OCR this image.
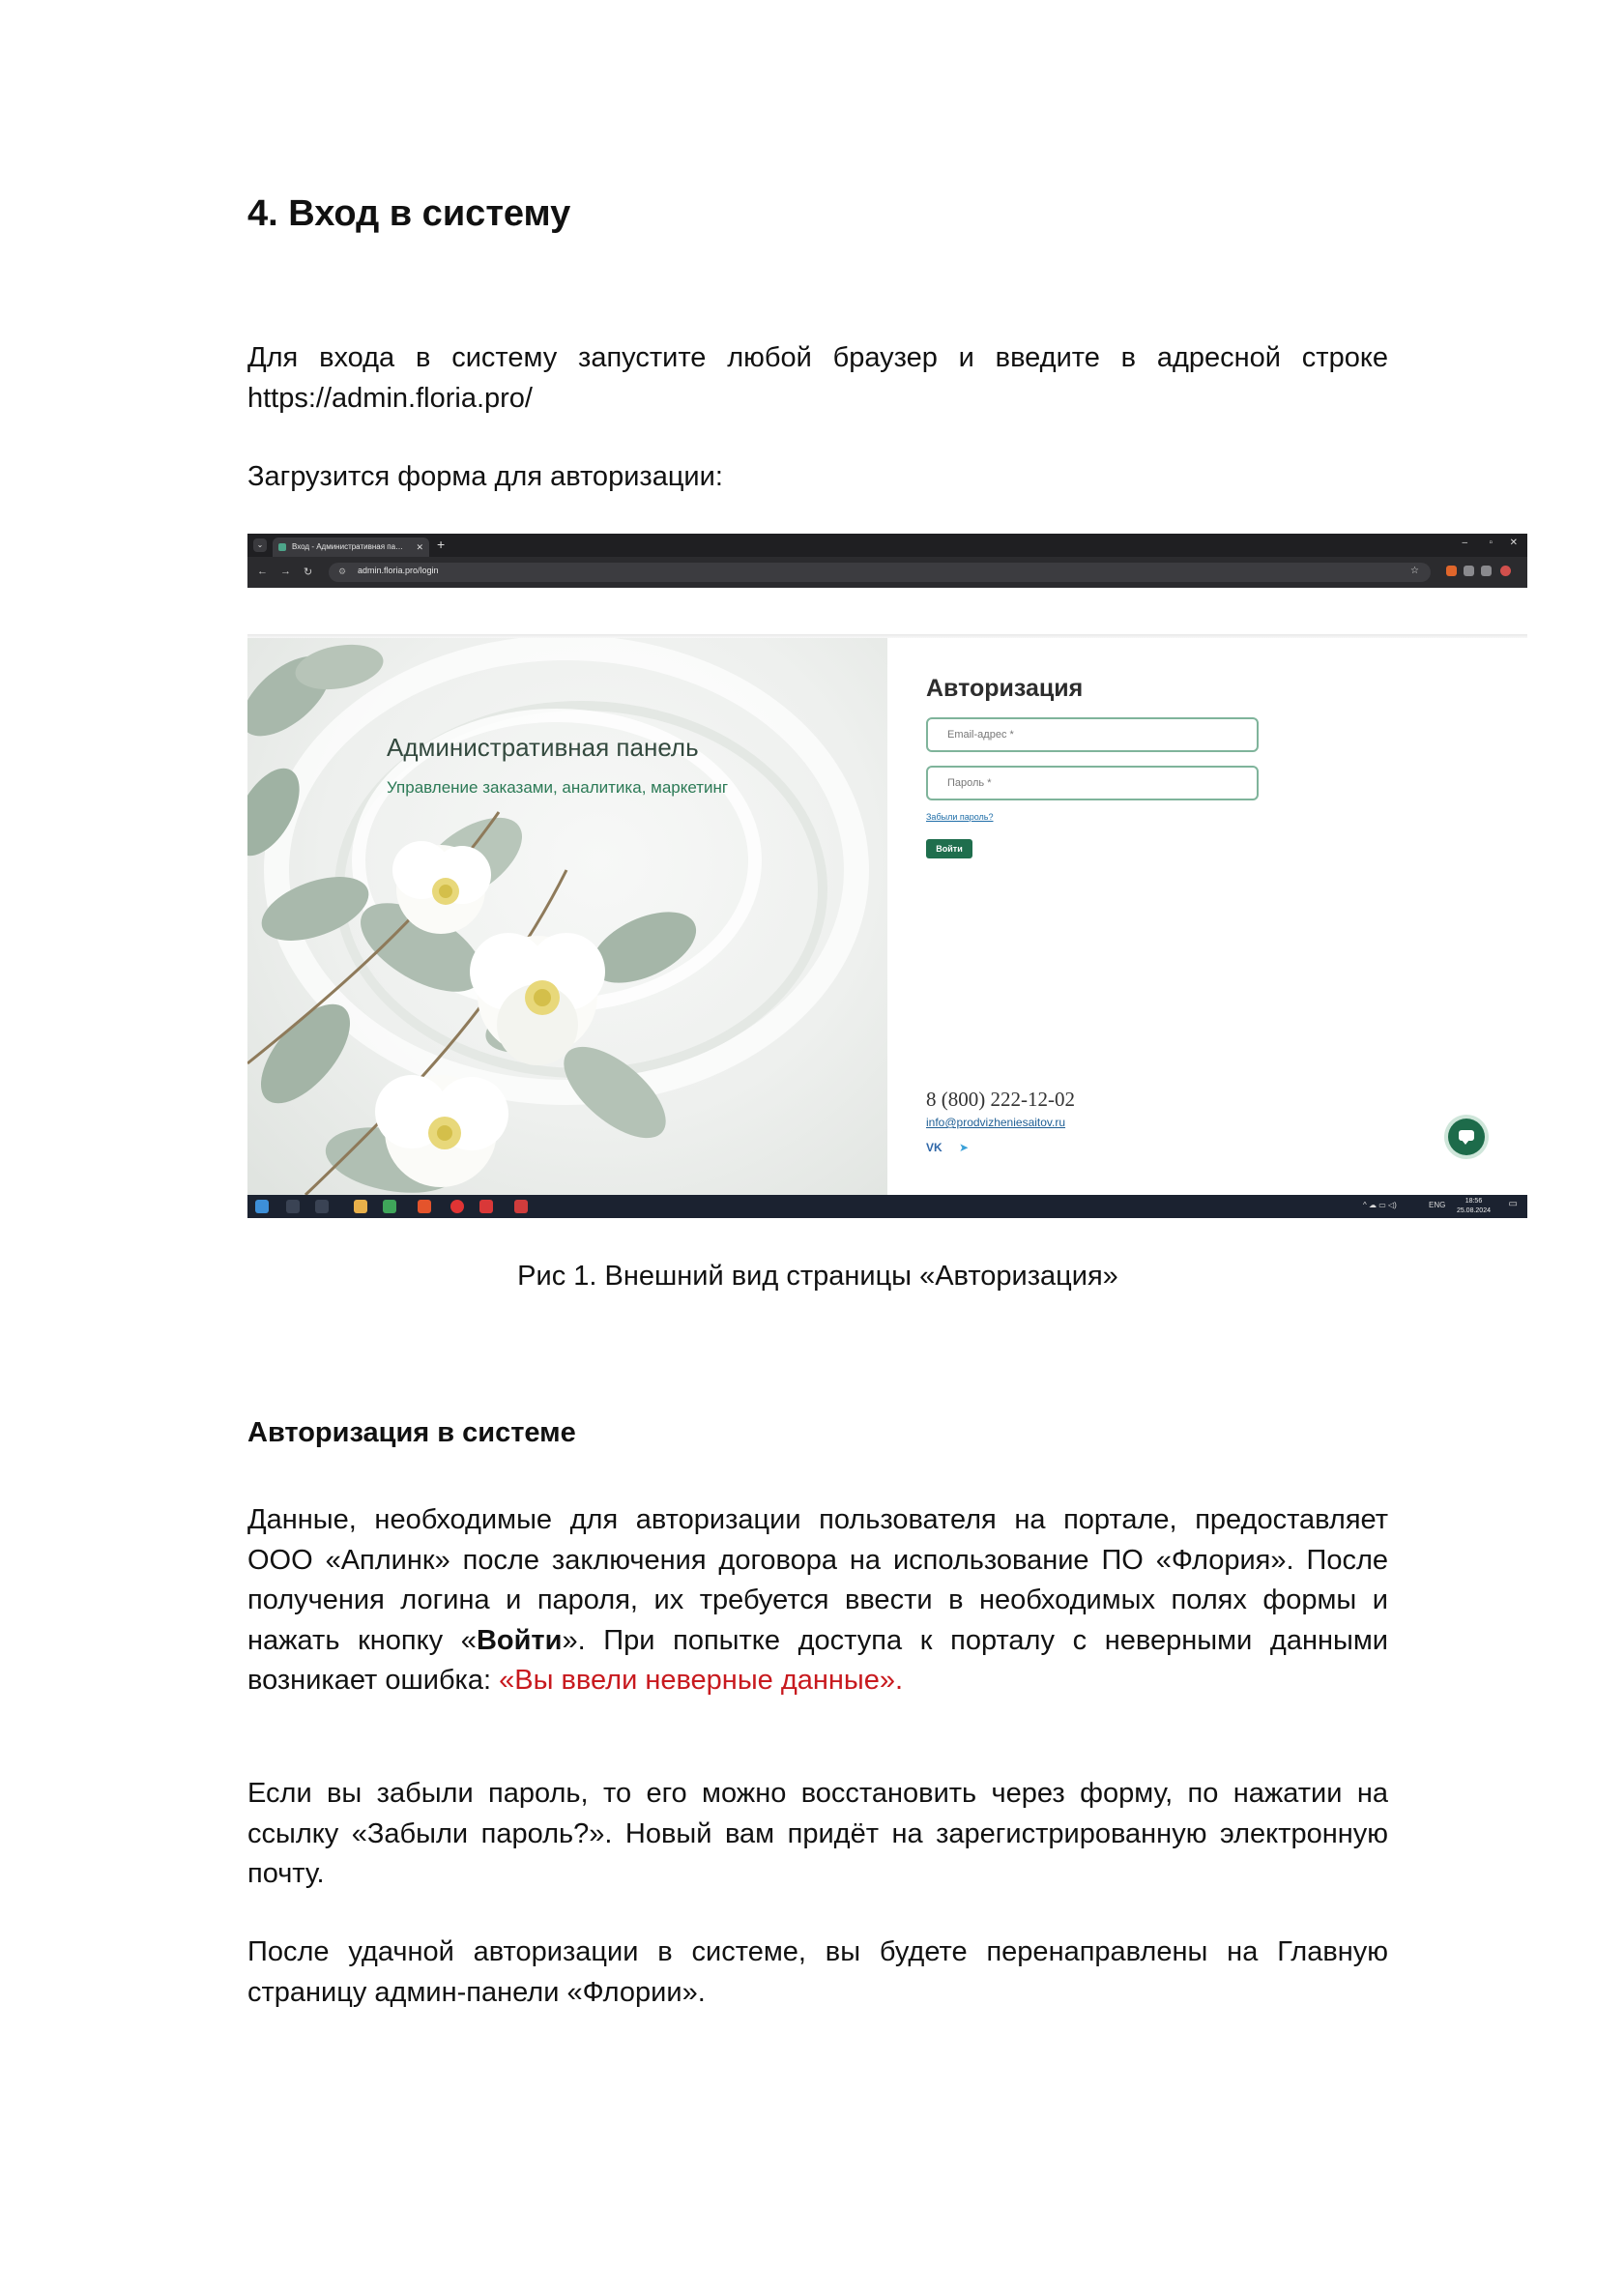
4. Вход в систему

Для входа в систему запустите любой браузер и введите в адресной строке https://admin.floria.pro/

Загрузится форма для авторизации:

⌄	Вход - Административная па… ✕ +	– ▫ ✕
← → ↻	⚙ admin.floria.pro/login	☆

Административная панель

Управление заказами, аналитика, маркетинг

Авторизация
Email-адрес *
Забыли пароль?
Войти

8 (800) 222-12-02

info@prodvizheniesaitov.ru

VK ➤
^ ☁ ▭ ◁)	ENG	18:56
25.08.2024
▭

Рис 1. Внешний вид страницы «Авторизация»

Авторизация в системе

Данные, необходимые для авторизации пользователя на портале, предоставляет ООО «Аплинк» после заключения договора на использование ПО «Флория». После получения логина и пароля, их требуется ввести в необходимых полях формы и нажать кнопку «Войти». При попытке доступа к порталу с неверными данными возникает ошибка: «Вы ввели неверные данные».

Если вы забыли пароль, то его можно восстановить через форму, по нажатии на ссылку «Забыли пароль?». Новый вам придёт на зарегистрированную электронную почту.

После удачной авторизации в системе, вы будете перенаправлены на Главную страницу админ-панели «Флории».
